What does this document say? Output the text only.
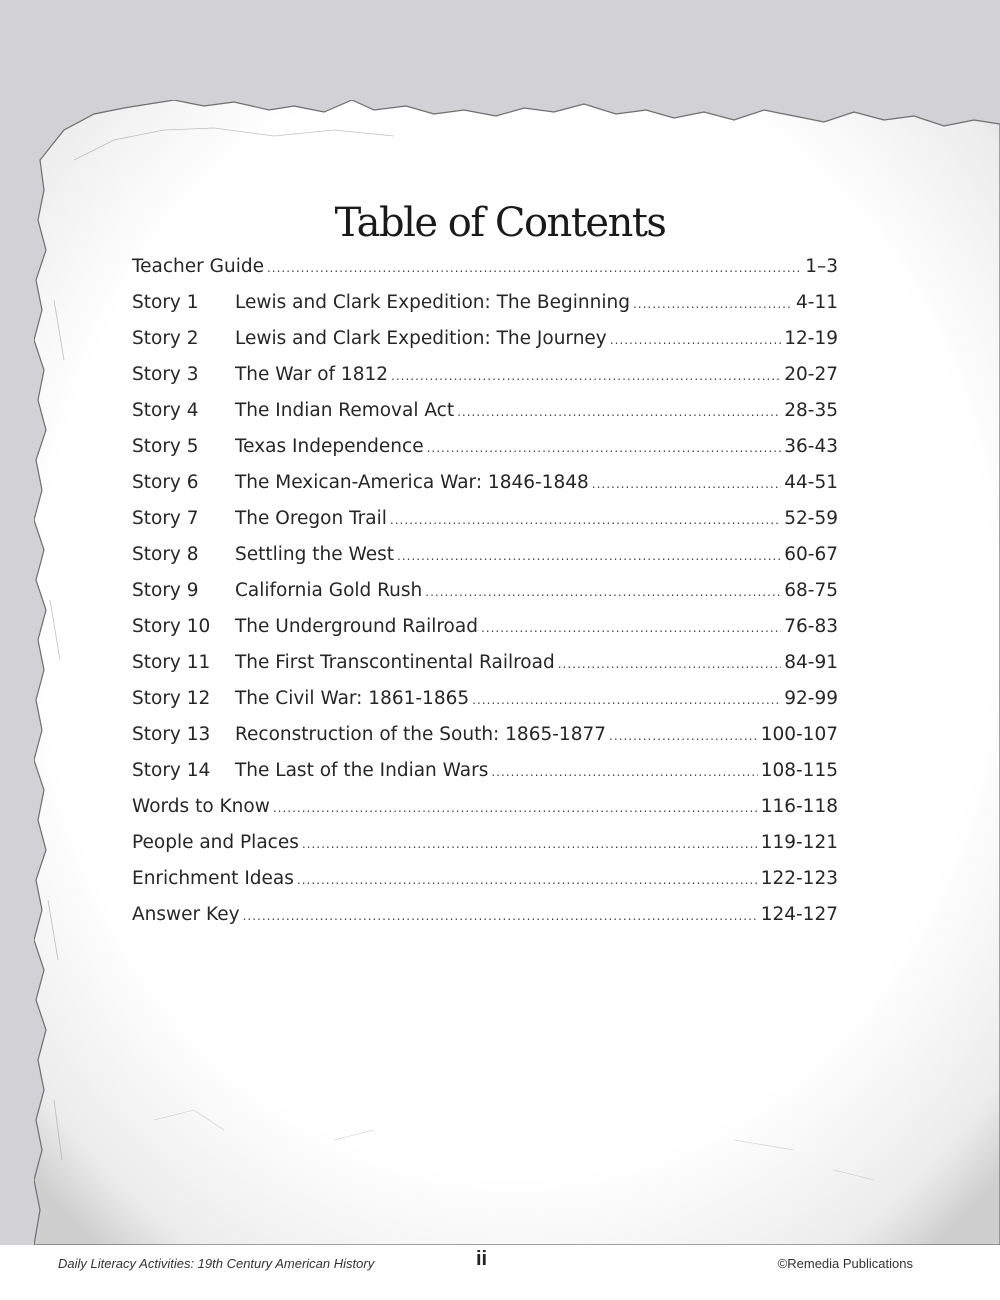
Table of Contents
Teacher Guide .....	1–3
Story 1	Lewis and Clark Expedition: The Beginning .....	4-11
Story 2	Lewis and Clark Expedition: The Journey .....	12-19
Story 3	The War of 1812 .....	20-27
Story 4	The Indian Removal Act .....	28-35
Story 5	Texas Independence .....	36-43
Story 6	The Mexican-America War: 1846-1848 .....	44-51
Story 7	The Oregon Trail .....	52-59
Story 8	Settling the West .....	60-67
Story 9	California Gold Rush .....	68-75
Story 10	The Underground Railroad .....	76-83
Story 11	The First Transcontinental Railroad .....	84-91
Story 12	The Civil War: 1861-1865 .....	92-99
Story 13	Reconstruction of the South: 1865-1877 .....	100-107
Story 14	The Last of the Indian Wars .....	108-115
Words to Know .....	116-118
People and Places .....	119-121
Enrichment Ideas .....	122-123
Answer Key .....	124-127
Daily Literacy Activities: 19th Century American History	ii	©Remedia Publications
